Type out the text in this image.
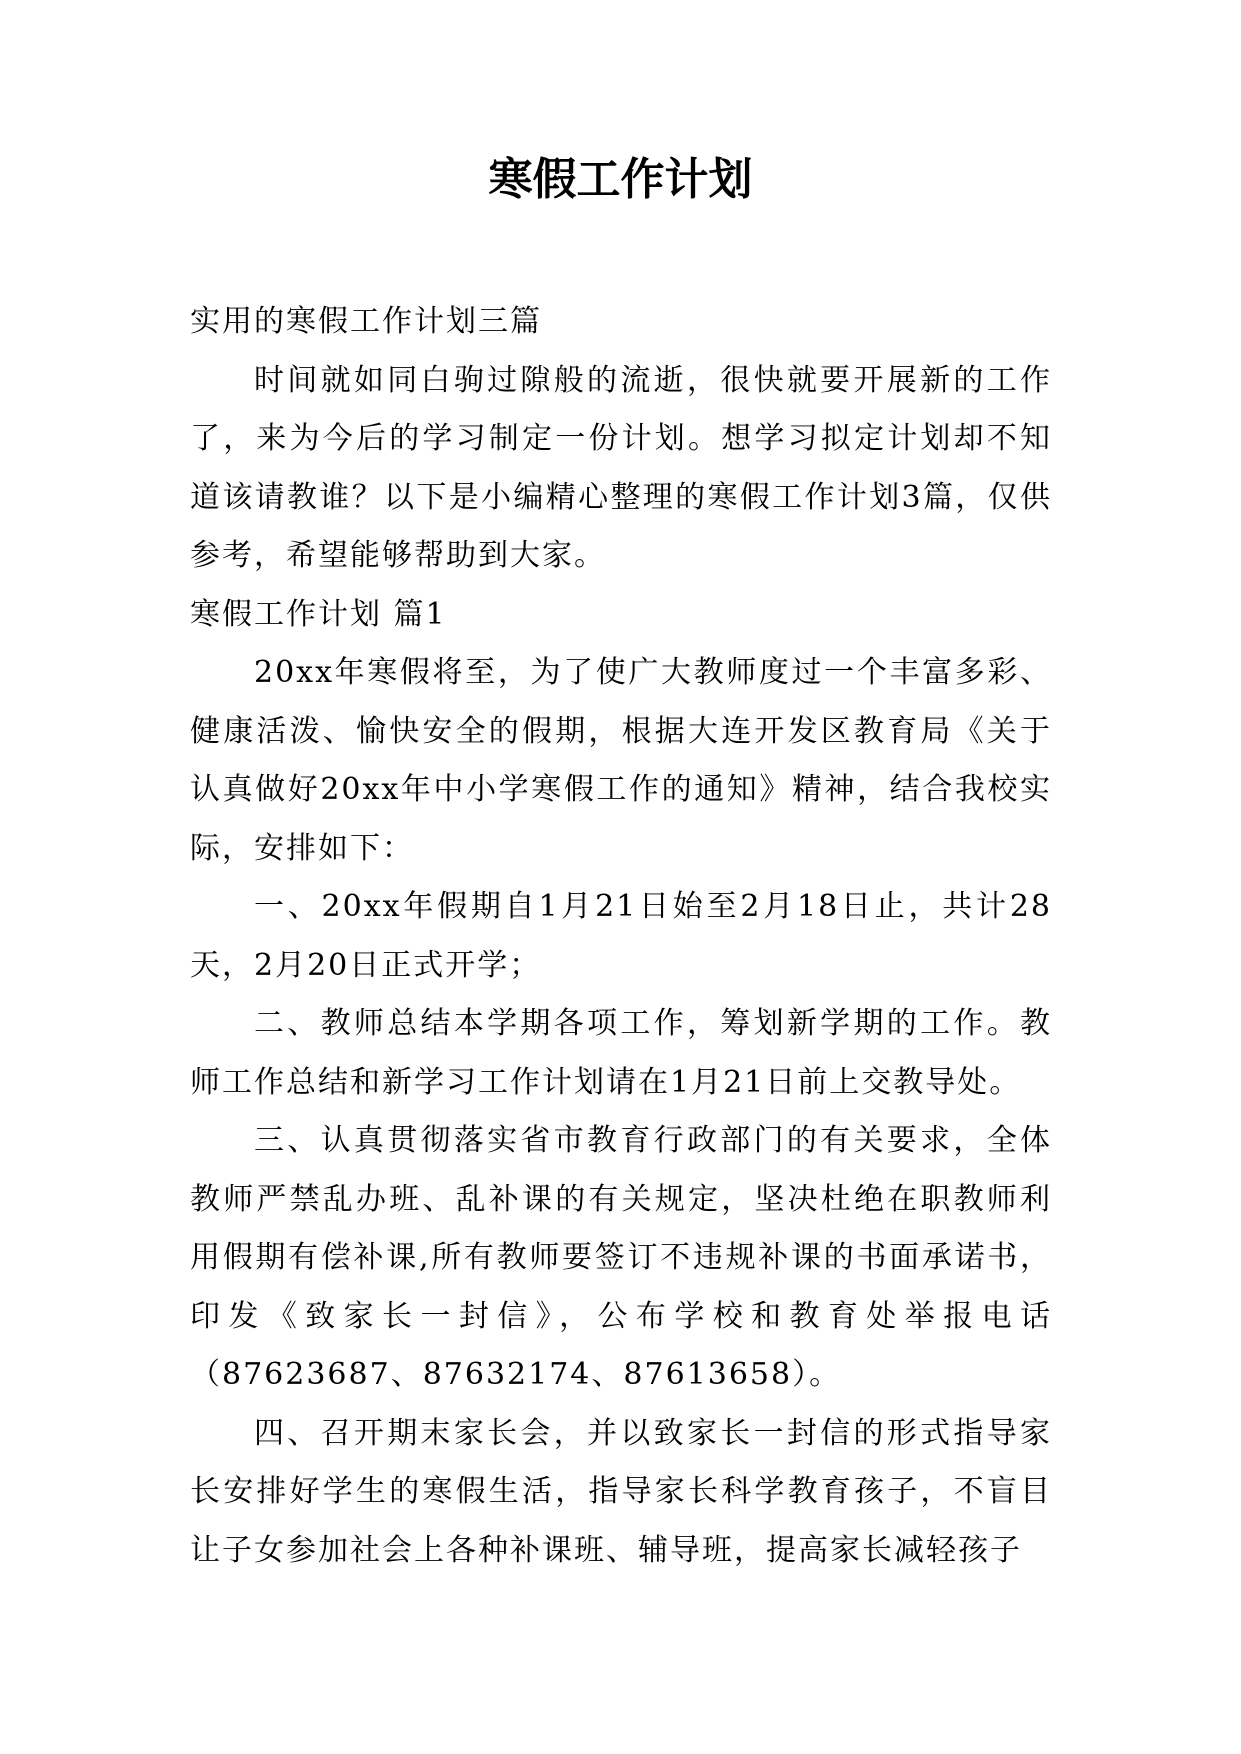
寒假工作计划

实用的寒假工作计划三篇

时间就如同白驹过隙般的流逝，很快就要开展新的工作了，来为今后的学习制定一份计划。想学习拟定计划却不知道该请教谁？以下是小编精心整理的寒假工作计划3篇，仅供参考，希望能够帮助到大家。

寒假工作计划 篇1

20xx年寒假将至，为了使广大教师度过一个丰富多彩、健康活泼、愉快安全的假期，根据大连开发区教育局《关于认真做好20xx年中小学寒假工作的通知》精神，结合我校实际，安排如下：

一、20xx年假期自1月21日始至2月18日止，共计28天，2月20日正式开学；

二、教师总结本学期各项工作，筹划新学期的工作。教师工作总结和新学习工作计划请在1月21日前上交教导处。

三、认真贯彻落实省市教育行政部门的有关要求，全体教师严禁乱办班、乱补课的有关规定，坚决杜绝在职教师利用假期有偿补课,所有教师要签订不违规补课的书面承诺书，印发《致家长一封信》，公布学校和教育处举报电话（87623687、87632174、87613658）。

四、召开期末家长会，并以致家长一封信的形式指导家长安排好学生的寒假生活，指导家长科学教育孩子，不盲目让子女参加社会上各种补课班、辅导班，提高家长减轻孩子
